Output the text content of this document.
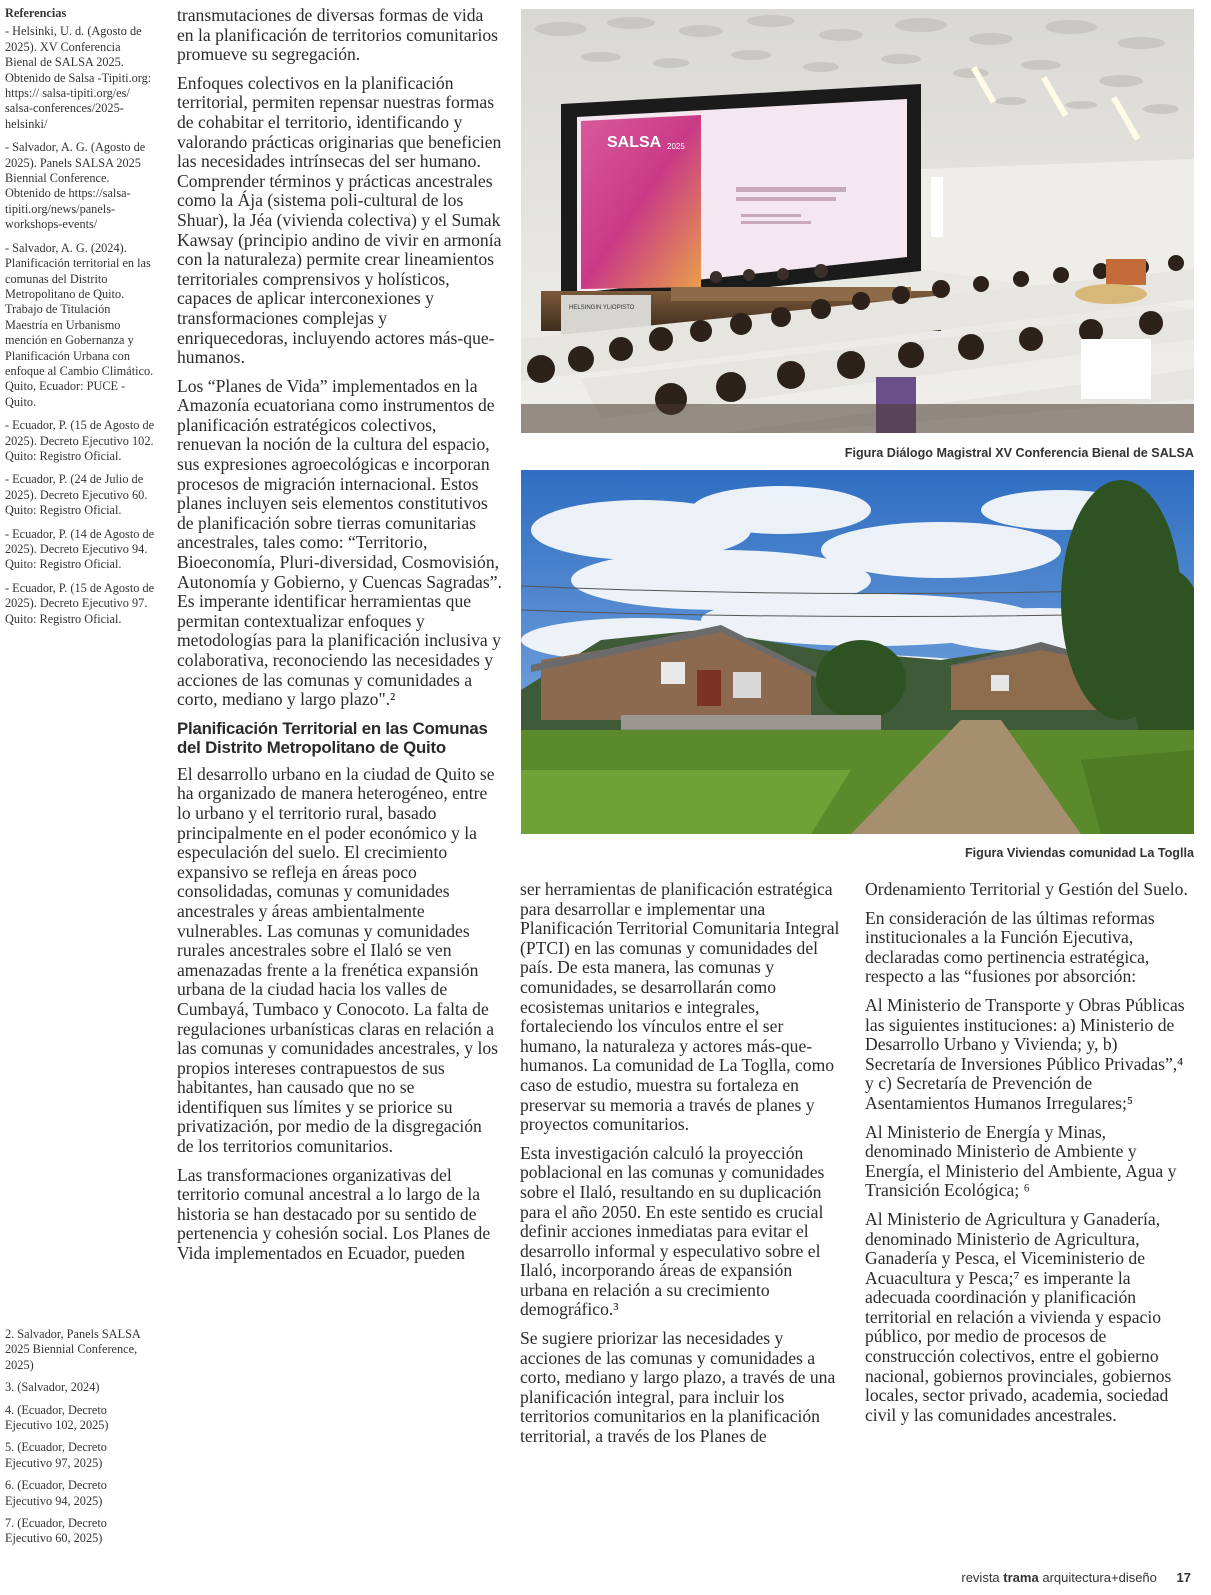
Referencias
- Helsinki, U. d. (Agosto de 2025). XV Conferencia Bienal de SALSA 2025. Obtenido de Salsa -Tipiti.org: https:// salsa-tipiti.org/es/ salsa-conferences/2025-helsinki/
- Salvador, A. G. (Agosto de 2025). Panels SALSA 2025 Biennial Conference. Obtenido de https://salsa-tipiti.org/news/panels-workshops-events/
- Salvador, A. G. (2024). Planificación territorial en las comunas del Distrito Metropolitano de Quito. Trabajo de Titulación Maestría en Urbanismo mención en Gobernanza y Planificación Urbana con enfoque al Cambio Climático. Quito, Ecuador: PUCE - Quito.
- Ecuador, P. (15 de Agosto de 2025). Decreto Ejecutivo 102. Quito: Registro Oficial.
- Ecuador, P. (24 de Julio de 2025). Decreto Ejecutivo 60. Quito: Registro Oficial.
- Ecuador, P. (14 de Agosto de 2025). Decreto Ejecutivo 94. Quito: Registro Oficial.
- Ecuador, P. (15 de Agosto de 2025). Decreto Ejecutivo 97. Quito: Registro Oficial.
2. Salvador, Panels SALSA 2025 Biennial Conference, 2025)
3. (Salvador, 2024)
4. (Ecuador, Decreto Ejecutivo 102, 2025)
5. (Ecuador, Decreto Ejecutivo 97, 2025)
6. (Ecuador, Decreto Ejecutivo 94, 2025)
7. (Ecuador, Decreto Ejecutivo 60, 2025)

transmutaciones de diversas formas de vida en la planificación de territorios comunitarios promueve su segregación.

Enfoques colectivos en la planificación territorial, permiten repensar nuestras formas de cohabitar el territorio, identificando y valorando prácticas originarias que beneficien las necesidades intrínsecas del ser humano. Comprender términos y prácticas ancestrales como la Ája (sistema poli-cultural de los Shuar), la Jéa (vivienda colectiva) y el Sumak Kawsay (principio andino de vivir en armonía con la naturaleza) permite crear lineamientos territoriales comprensivos y holísticos, capaces de aplicar interconexiones y transformaciones complejas y enriquecedoras, incluyendo actores más-que-humanos.

Los “Planes de Vida” implementados en la Amazonía ecuatoriana como instrumentos de planificación estratégicos colectivos, renuevan la noción de la cultura del espacio, sus expresiones agroecológicas e incorporan procesos de migración internacional. Estos planes incluyen seis elementos constitutivos de planificación sobre tierras comunitarias ancestrales, tales como: “Territorio, Bioeconomía, Pluri-diversidad, Cosmovisión, Autonomía y Gobierno, y Cuencas Sagradas”. Es imperante identificar herramientas que permitan contextualizar enfoques y metodologías para la planificación inclusiva y colaborativa, reconociendo las necesidades y acciones de las comunas y comunidades a corto, mediano y largo plazo".²

Planificación Territorial en las Comunas del Distrito Metropolitano de Quito

El desarrollo urbano en la ciudad de Quito se ha organizado de manera heterogéneo, entre lo urbano y el territorio rural, basado principalmente en el poder económico y la especulación del suelo. El crecimiento expansivo se refleja en áreas poco consolidadas, comunas y comunidades ancestrales y áreas ambientalmente vulnerables. Las comunas y comunidades rurales ancestrales sobre el Ilaló se ven amenazadas frente a la frenética expansión urbana de la ciudad hacia los valles de Cumbayá, Tumbaco y Conocoto. La falta de regulaciones urbanísticas claras en relación a las comunas y comunidades ancestrales, y los propios intereses contrapuestos de sus habitantes, han causado que no se identifiquen sus límites y se priorice su privatización, por medio de la disgregación de los territorios comunitarios.

Las transformaciones organizativas del territorio comunal ancestral a lo largo de la historia se han destacado por su sentido de pertenencia y cohesión social. Los Planes de Vida implementados en Ecuador, pueden

SALSA 2025
HELSINGIN YLIOPISTO
Figura Diálogo Magistral XV Conferencia Bienal de SALSA
Figura Viviendas comunidad La Toglla

ser herramientas de planificación estratégica para desarrollar e implementar una Planificación Territorial Comunitaria Integral (PTCI) en las comunas y comunidades del país. De esta manera, las comunas y comunidades, se desarrollarán como ecosistemas unitarios e integrales, fortaleciendo los vínculos entre el ser humano, la naturaleza y actores más-que-humanos. La comunidad de La Toglla, como caso de estudio, muestra su fortaleza en preservar su memoria a través de planes y proyectos comunitarios.

Esta investigación calculó la proyección poblacional en las comunas y comunidades sobre el Ilaló, resultando en su duplicación para el año 2050. En este sentido es crucial definir acciones inmediatas para evitar el desarrollo informal y especulativo sobre el Ilaló, incorporando áreas de expansión urbana en relación a su crecimiento demográfico.³

Se sugiere priorizar las necesidades y acciones de las comunas y comunidades a corto, mediano y largo plazo, a través de una planificación integral, para incluir los territorios comunitarios en la planificación territorial, a través de los Planes de

Ordenamiento Territorial y Gestión del Suelo.

En consideración de las últimas reformas institucionales a la Función Ejecutiva, declaradas como pertinencia estratégica, respecto a las “fusiones por absorción:

Al Ministerio de Transporte y Obras Públicas las siguientes instituciones: a) Ministerio de Desarrollo Urbano y Vivienda; y, b) Secretaría de Inversiones Público Privadas”,⁴ y c) Secretaría de Prevención de Asentamientos Humanos Irregulares;⁵

Al Ministerio de Energía y Minas, denominado Ministerio de Ambiente y Energía, el Ministerio del Ambiente, Agua y Transición Ecológica; ⁶

Al Ministerio de Agricultura y Ganadería, denominado Ministerio de Agricultura, Ganadería y Pesca, el Viceministerio de Acuacultura y Pesca;⁷ es imperante la adecuada coordinación y planificación territorial en relación a vivienda y espacio público, por medio de procesos de construcción colectivos, entre el gobierno nacional, gobiernos provinciales, gobiernos locales, sector privado, academia, sociedad civil y las comunidades ancestrales.

revista trama arquitectura+diseño 17
